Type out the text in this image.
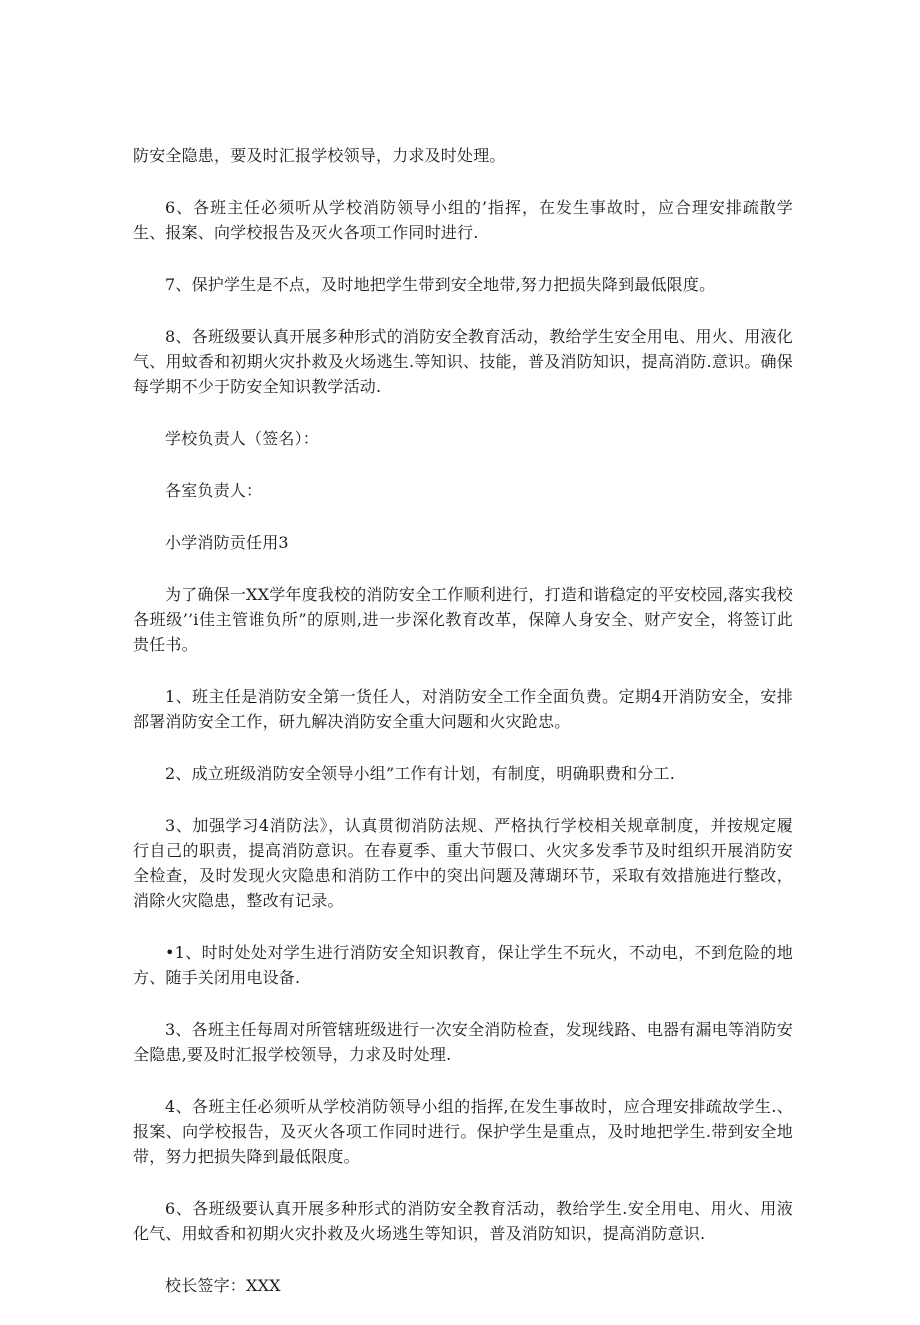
防安全隐患，要及时汇报学校领导，力求及时处理。

6、各班主任必须听从学校消防领导小组的’指挥，在发生事故时，应合理安排疏散学生、报案、向学校报告及灭火各项工作同时进行.

7、保护学生是不点，及时地把学生带到安全地带,努力把损失降到最低限度。

8、各班级要认真开展多种形式的消防安全教育活动，教给学生安全用电、用火、用液化气、用蚊香和初期火灾扑救及火场逃生.等知识、技能，普及消防知识，提高消防.意识。确保每学期不少于防安全知识教学活动.

学校负责人（签名）：

各室负责人：

小学消防贡任用3

为了确保一XX学年度我校的消防安全工作顺利进行，打造和谐稳定的平安校园,落实我校各班级’’i佳主管谁负所”的原则,进一步深化教育改革，保障人身安全、财产安全，将签订此贵任书。

1、班主任是消防安全第一货任人，对消防安全工作全面负费。定期4开消防安全，安排部署消防安全工作，研九解决消防安全重大问题和火灾跄忠。

2、成立班级消防安全领导小组”工作有计划，有制度，明确职费和分工.

3、加强学习4消防法》，认真贯彻消防法规、严格执行学校相关规章制度，并按规定履行自己的职责，提高消防意识。在春夏季、重大节假口、火灾多发季节及时组织开展消防安全检查，及时发现火灾隐患和消防工作中的突出问题及薄瑚环节，采取有效措施进行整改，消除火灾隐患，整改有记录。

•1、时时处处对学生进行消防安全知识教育，保让学生不玩火，不动电，不到危险的地方、随手关闭用电设备.

3、各班主任每周对所管辖班级进行一次安全消防检查，发现线路、电器有漏电等消防安全隐患,要及时汇报学校领导，力求及时处理.

4、各班主任必须听从学校消防领导小组的指挥,在发生事故时，应合理安排疏故学生.、报案、向学校报告，及灭火各项工作同时进行。保护学生是重点，及时地把学生.带到安全地带，努力把损失降到最低限度。

6、各班级要认真开展多种形式的消防安全教育活动，教给学生.安全用电、用火、用液化气、用蚊香和初期火灾扑救及火场逃生等知识，普及消防知识，提高消防意识.

校长签字：XXX
